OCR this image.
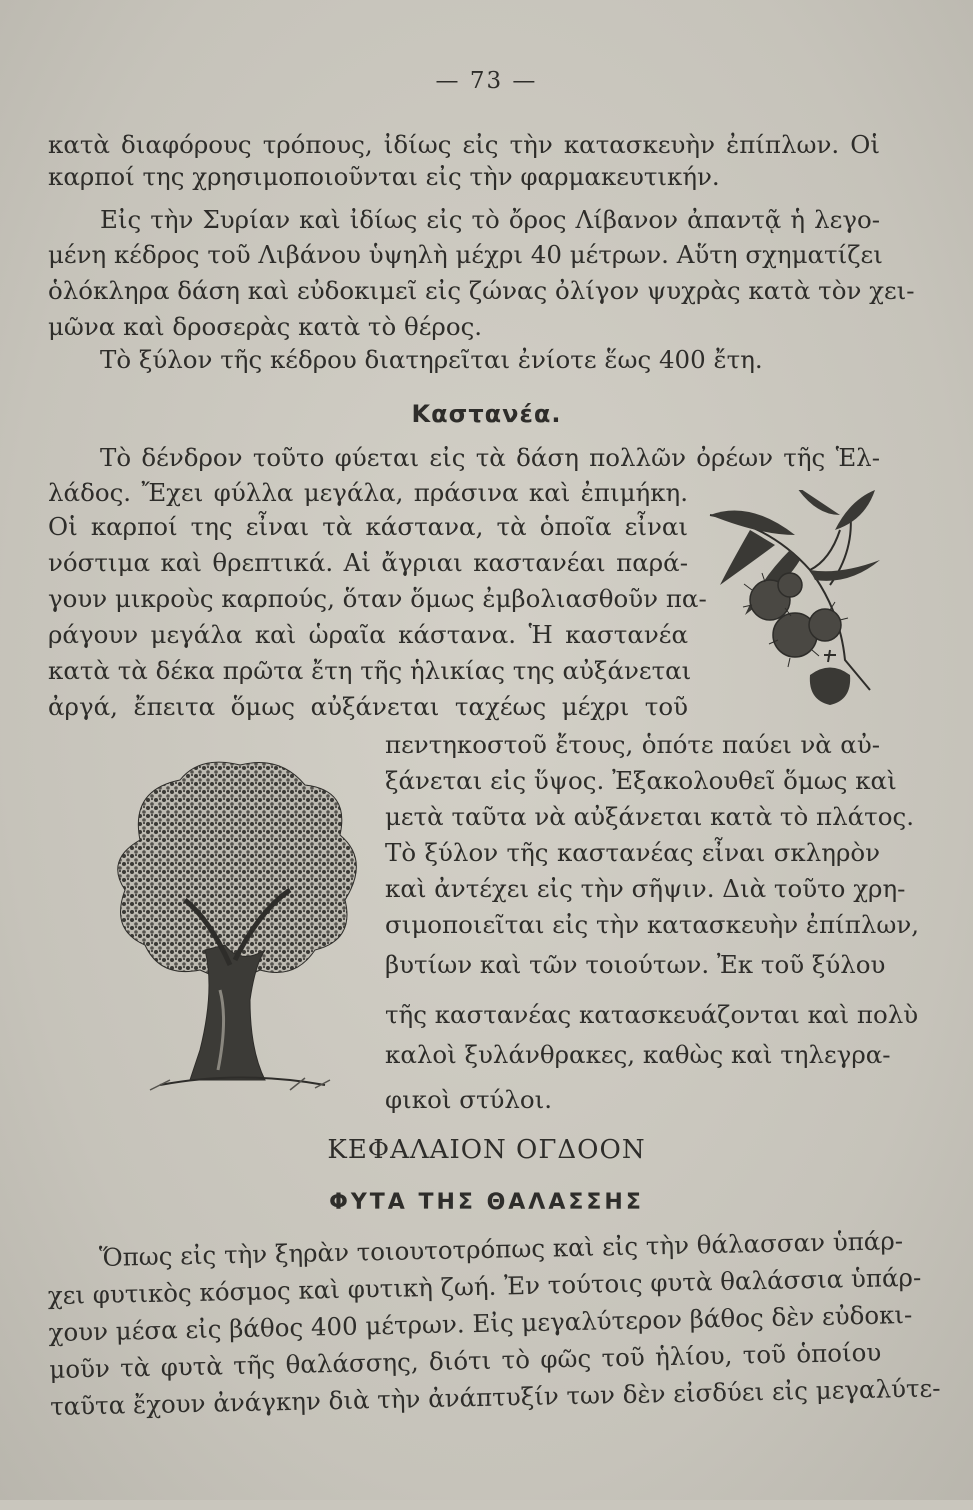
— 73 —
κατὰ διαφόρους τρόπους, ἰδίως εἰς τὴν κατασκευὴν ἐπίπλων. Οἱ
καρποί της χρησιμοποιοῦνται εἰς τὴν φαρμακευτικήν.
Εἰς τὴν Συρίαν καὶ ἰδίως εἰς τὸ ὄρος Λίβανον ἀπαντᾷ ἡ λεγο-
μένη κέδρος τοῦ Λιβάνου ὑψηλὴ μέχρι 40 μέτρων. Αὕτη σχηματίζει
ὁλόκληρα δάση καὶ εὐδοκιμεῖ εἰς ζώνας ὀλίγον ψυχρὰς κατὰ τὸν χει-
μῶνα καὶ δροσερὰς κατὰ τὸ θέρος.
Τὸ ξύλον τῆς κέδρου διατηρεῖται ἐνίοτε ἕως 400 ἔτη.
Καστανέα.
Τὸ δένδρον τοῦτο φύεται εἰς τὰ δάση πολλῶν ὀρέων τῆς Ἑλ-
λάδος. Ἔχει φύλλα μεγάλα, πράσινα καὶ ἐπιμήκη.
Οἱ καρποί της εἶναι τὰ κάστανα, τὰ ὁποῖα εἶναι
νόστιμα καὶ θρεπτικά. Αἱ ἄγριαι καστανέαι παρά-
γουν μικροὺς καρπούς, ὅταν ὅμως ἐμβολιασθοῦν πα-
ράγουν μεγάλα καὶ ὡραῖα κάστανα. Ἡ καστανέα
κατὰ τὰ δέκα πρῶτα ἔτη τῆς ἡλικίας της αὐξάνεται
ἀργά, ἔπειτα ὅμως αὐξάνεται ταχέως μέχρι τοῦ
πεντηκοστοῦ ἔτους, ὁπότε παύει νὰ αὐ-
ξάνεται εἰς ὕψος. Ἐξακολουθεῖ ὅμως καὶ
μετὰ ταῦτα νὰ αὐξάνεται κατὰ τὸ πλάτος.
Τὸ ξύλον τῆς καστανέας εἶναι σκληρὸν
καὶ ἀντέχει εἰς τὴν σῆψιν. Διὰ τοῦτο χρη-
σιμοποιεῖται εἰς τὴν κατασκευὴν ἐπίπλων,
βυτίων καὶ τῶν τοιούτων. Ἐκ τοῦ ξύλου
τῆς καστανέας κατασκευάζονται καὶ πολὺ
καλοὶ ξυλάνθρακες, καθὼς καὶ τηλεγρα-
φικοὶ στύλοι.
ΚΕΦΑΛΑΙΟΝ ΟΓΔΟΟΝ
ΦΥΤΑ ΤΗΣ ΘΑΛΑΣΣΗΣ
Ὅπως εἰς τὴν ξηρὰν τοιουτοτρόπως καὶ εἰς τὴν θάλασσαν ὑπάρ-
χει φυτικὸς κόσμος καὶ φυτικὴ ζωή. Ἐν τούτοις φυτὰ θαλάσσια ὑπάρ-
χουν μέσα εἰς βάθος 400 μέτρων. Εἰς μεγαλύτερον βάθος δὲν εὐδοκι-
μοῦν τὰ φυτὰ τῆς θαλάσσης, διότι τὸ φῶς τοῦ ἡλίου, τοῦ ὁποίου
ταῦτα ἔχουν ἀνάγκην διὰ τὴν ἀνάπτυξίν των δὲν εἰσδύει εἰς μεγαλύτε-
